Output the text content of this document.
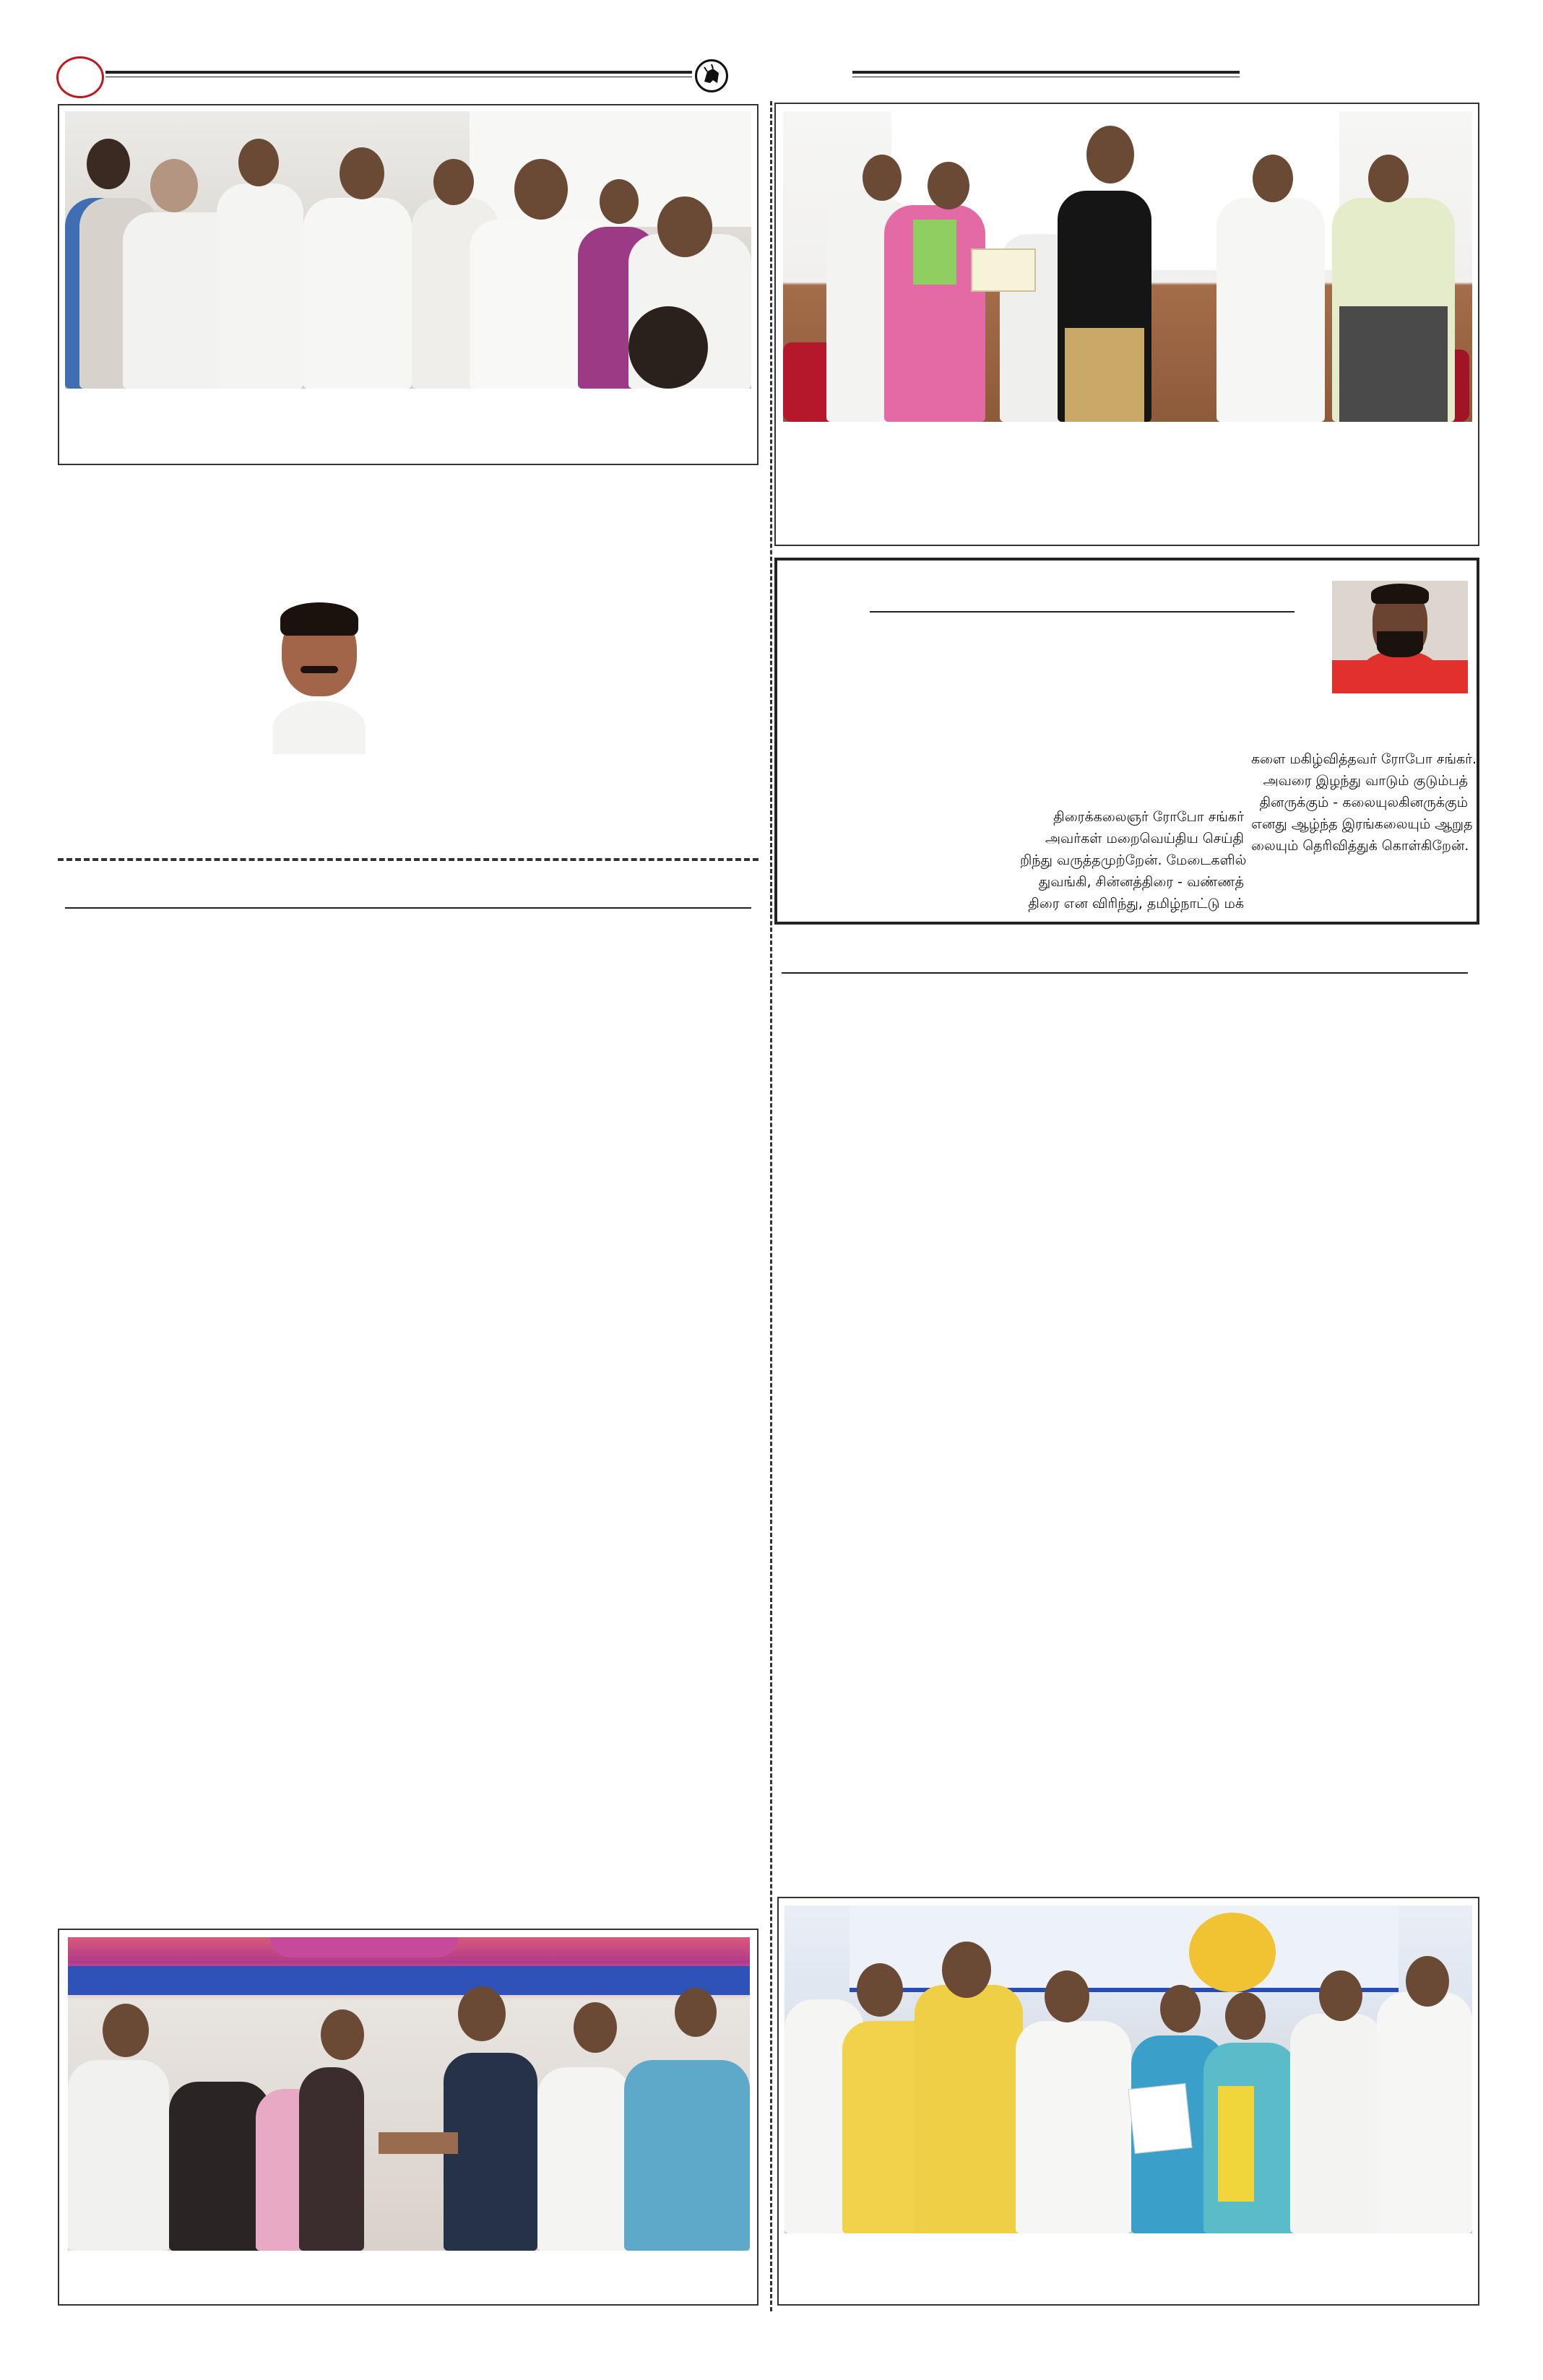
களை மகிழ்வித்தவர் ரோபோ சங்கர்.
அவரை இழந்து வாடும் குடும்பத்
தினருக்கும் - கலையுலகினருக்கும்
எனது ஆழ்ந்த இரங்கலையும் ஆறுத
லையும் தெரிவித்துக் கொள்கிறேன்.
திரைக்கலைஞர் ரோபோ சங்கர்
அவர்கள் மறைவெய்திய செய்தி
றிந்து வருத்தமுற்றேன். மேடைகளில்
துவங்கி, சின்னத்திரை - வண்ணத்
திரை என விரிந்து, தமிழ்நாட்டு மக்
